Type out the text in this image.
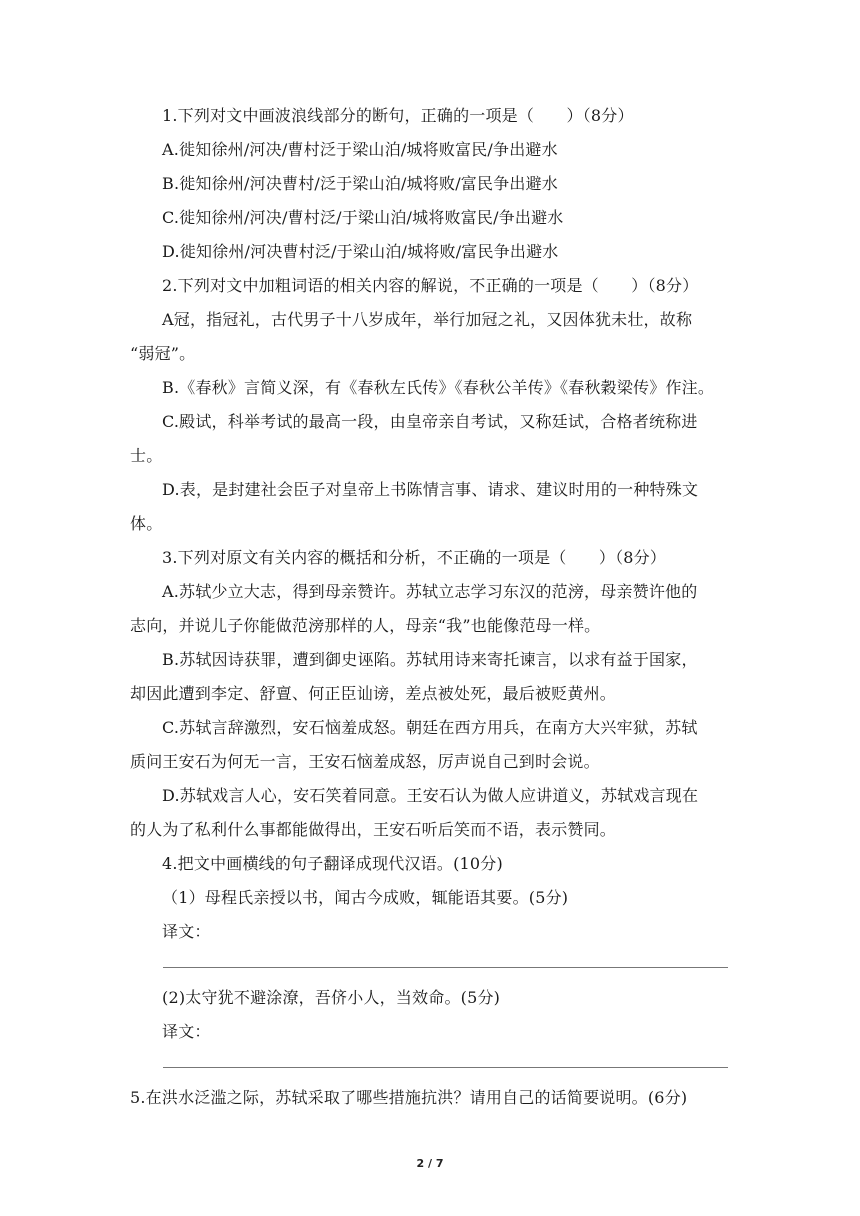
1.下列对文中画波浪线部分的断句，正确的一项是（　　）（8分）
A.徙知徐州/河决/曹村泛于梁山泊/城将败富民/争出避水
B.徙知徐州/河决曹村/泛于梁山泊/城将败/富民争出避水
C.徙知徐州/河决/曹村泛/于梁山泊/城将败富民/争出避水
D.徙知徐州/河决曹村泛/于梁山泊/城将败/富民争出避水
2.下列对文中加粗词语的相关内容的解说，不正确的一项是（　　）（8分）
A冠，指冠礼，古代男子十八岁成年，举行加冠之礼，又因体犹未壮，故称
“弱冠”。
B.《春秋》言简义深，有《春秋左氏传》《春秋公羊传》《春秋穀梁传》作注。
C.殿试，科举考试的最高一段，由皇帝亲自考试，又称廷试，合格者统称进
士。
D.表，是封建社会臣子对皇帝上书陈情言事、请求、建议时用的一种特殊文
体。
3.下列对原文有关内容的概括和分析，不正确的一项是（　　）（8分）
A.苏轼少立大志，得到母亲赞许。苏轼立志学习东汉的范滂，母亲赞许他的
志向，并说儿子你能做范滂那样的人，母亲“我”也能像范母一样。
B.苏轼因诗获罪，遭到御史诬陷。苏轼用诗来寄托谏言，以求有益于国家，
却因此遭到李定、舒亶、何正臣讪谤，差点被处死，最后被贬黄州。
C.苏轼言辞激烈，安石恼羞成怒。朝廷在西方用兵，在南方大兴牢狱，苏轼
质问王安石为何无一言，王安石恼羞成怒，厉声说自己到时会说。
D.苏轼戏言人心，安石笑着同意。王安石认为做人应讲道义，苏轼戏言现在
的人为了私利什么事都能做得出，王安石听后笑而不语，表示赞同。
4.把文中画横线的句子翻译成现代汉语。(10分)
（1）母程氏亲授以书，闻古今成败，辄能语其要。(5分)
译文：
(2)太守犹不避涂潦，吾侪小人，当效命。(5分)
译文：
5.在洪水泛滥之际，苏轼采取了哪些措施抗洪？请用自己的话简要说明。(6分)
2 / 7
